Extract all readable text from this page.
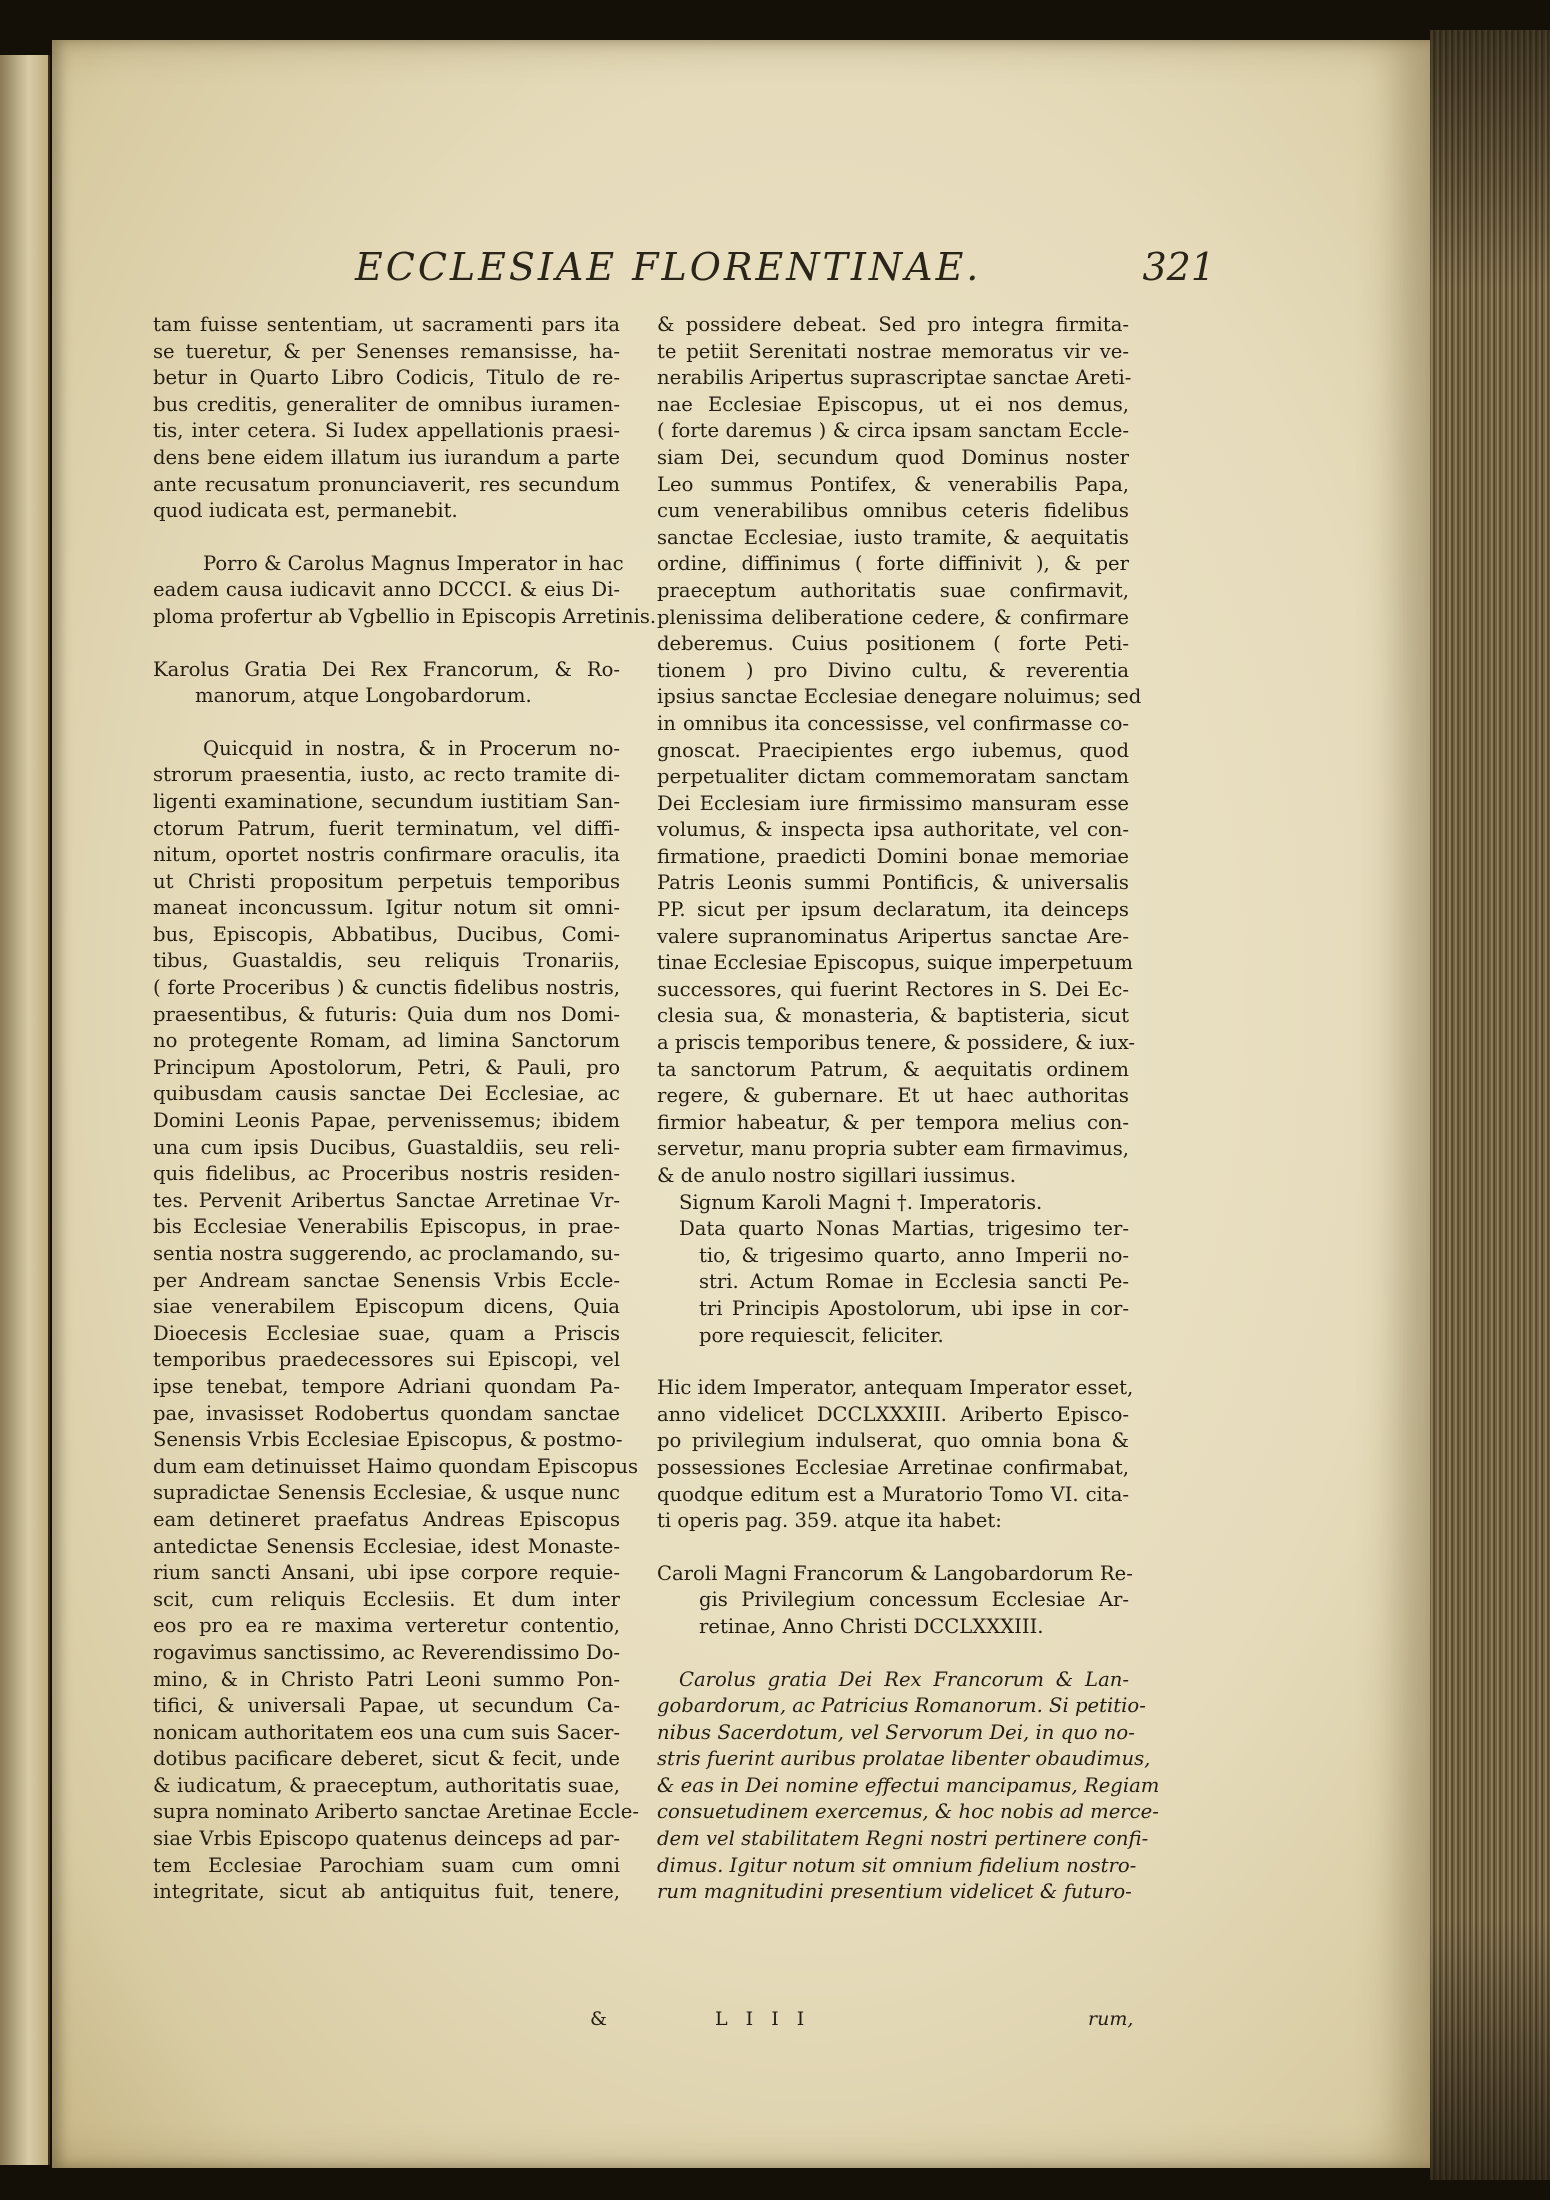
ECCLESIAE FLORENTINAE.	321
tam fuisse sententiam, ut sacramenti pars ita
se tueretur, & per Senenses remansisse, ha-
betur in Quarto Libro Codicis, Titulo de re-
bus creditis, generaliter de omnibus iuramen-
tis, inter cetera. Si Iudex appellationis praesi-
dens bene eidem illatum ius iurandum a parte
ante recusatum pronunciaverit, res secundum
quod iudicata est, permanebit.
Porro & Carolus Magnus Imperator in hac
eadem causa iudicavit anno DCCCI. & eius Di-
ploma profertur ab Vgbellio in Episcopis Arretinis.
Karolus Gratia Dei Rex Francorum, & Ro-
manorum, atque Longobardorum.
Quicquid in nostra, & in Procerum no-
strorum praesentia, iusto, ac recto tramite di-
ligenti examinatione, secundum iustitiam San-
ctorum Patrum, fuerit terminatum, vel diffi-
nitum, oportet nostris confirmare oraculis, ita
ut Christi propositum perpetuis temporibus
maneat inconcussum. Igitur notum sit omni-
bus, Episcopis, Abbatibus, Ducibus, Comi-
tibus, Guastaldis, seu reliquis Tronariis,
( forte Proceribus ) & cunctis fidelibus nostris,
praesentibus, & futuris: Quia dum nos Domi-
no protegente Romam, ad limina Sanctorum
Principum Apostolorum, Petri, & Pauli, pro
quibusdam causis sanctae Dei Ecclesiae, ac
Domini Leonis Papae, pervenissemus; ibidem
una cum ipsis Ducibus, Guastaldiis, seu reli-
quis fidelibus, ac Proceribus nostris residen-
tes. Pervenit Aribertus Sanctae Arretinae Vr-
bis Ecclesiae Venerabilis Episcopus, in prae-
sentia nostra suggerendo, ac proclamando, su-
per Andream sanctae Senensis Vrbis Eccle-
siae venerabilem Episcopum dicens, Quia
Dioecesis Ecclesiae suae, quam a Priscis
temporibus praedecessores sui Episcopi, vel
ipse tenebat, tempore Adriani quondam Pa-
pae, invasisset Rodobertus quondam sanctae
Senensis Vrbis Ecclesiae Episcopus, & postmo-
dum eam detinuisset Haimo quondam Episcopus
supradictae Senensis Ecclesiae, & usque nunc
eam detineret praefatus Andreas Episcopus
antedictae Senensis Ecclesiae, idest Monaste-
rium sancti Ansani, ubi ipse corpore requie-
scit, cum reliquis Ecclesiis. Et dum inter
eos pro ea re maxima verteretur contentio,
rogavimus sanctissimo, ac Reverendissimo Do-
mino, & in Christo Patri Leoni summo Pon-
tifici, & universali Papae, ut secundum Ca-
nonicam authoritatem eos una cum suis Sacer-
dotibus pacificare deberet, sicut & fecit, unde
& iudicatum, & praeceptum, authoritatis suae,
supra nominato Ariberto sanctae Aretinae Eccle-
siae Vrbis Episcopo quatenus deinceps ad par-
tem Ecclesiae Parochiam suam cum omni
integritate, sicut ab antiquitus fuit, tenere,
& possidere debeat. Sed pro integra firmita-
te petiit Serenitati nostrae memoratus vir ve-
nerabilis Aripertus suprascriptae sanctae Areti-
nae Ecclesiae Episcopus, ut ei nos demus,
( forte daremus ) & circa ipsam sanctam Eccle-
siam Dei, secundum quod Dominus noster
Leo summus Pontifex, & venerabilis Papa,
cum venerabilibus omnibus ceteris fidelibus
sanctae Ecclesiae, iusto tramite, & aequitatis
ordine, diffinimus ( forte diffinivit ), & per
praeceptum authoritatis suae confirmavit,
plenissima deliberatione cedere, & confirmare
deberemus. Cuius positionem ( forte Peti-
tionem ) pro Divino cultu, & reverentia
ipsius sanctae Ecclesiae denegare noluimus; sed
in omnibus ita concessisse, vel confirmasse co-
gnoscat. Praecipientes ergo iubemus, quod
perpetualiter dictam commemoratam sanctam
Dei Ecclesiam iure firmissimo mansuram esse
volumus, & inspecta ipsa authoritate, vel con-
firmatione, praedicti Domini bonae memoriae
Patris Leonis summi Pontificis, & universalis
PP. sicut per ipsum declaratum, ita deinceps
valere supranominatus Aripertus sanctae Are-
tinae Ecclesiae Episcopus, suique imperpetuum
successores, qui fuerint Rectores in S. Dei Ec-
clesia sua, & monasteria, & baptisteria, sicut
a priscis temporibus tenere, & possidere, & iux-
ta sanctorum Patrum, & aequitatis ordinem
regere, & gubernare. Et ut haec authoritas
firmior habeatur, & per tempora melius con-
servetur, manu propria subter eam firmavimus,
& de anulo nostro sigillari iussimus.
Signum Karoli Magni †. Imperatoris.
Data quarto Nonas Martias, trigesimo ter-
tio, & trigesimo quarto, anno Imperii no-
stri. Actum Romae in Ecclesia sancti Pe-
tri Principis Apostolorum, ubi ipse in cor-
pore requiescit, feliciter.
Hic idem Imperator, antequam Imperator esset,
anno videlicet DCCLXXXIII. Ariberto Episco-
po privilegium indulserat, quo omnia bona &
possessiones Ecclesiae Arretinae confirmabat,
quodque editum est a Muratorio Tomo VI. cita-
ti operis pag. 359. atque ita habet:
Caroli Magni Francorum & Langobardorum Re-
gis Privilegium concessum Ecclesiae Ar-
retinae, Anno Christi DCCLXXXIII.
Carolus gratia Dei Rex Francorum & Lan-
gobardorum, ac Patricius Romanorum. Si petitio-
nibus Sacerdotum, vel Servorum Dei, in quo no-
stris fuerint auribus prolatae libenter obaudimus,
& eas in Dei nomine effectui mancipamus, Regiam
consuetudinem exercemus, & hoc nobis ad merce-
dem vel stabilitatem Regni nostri pertinere confi-
dimus. Igitur notum sit omnium fidelium nostro-
rum magnitudini presentium videlicet & futuro-
&	L I I I	rum,
